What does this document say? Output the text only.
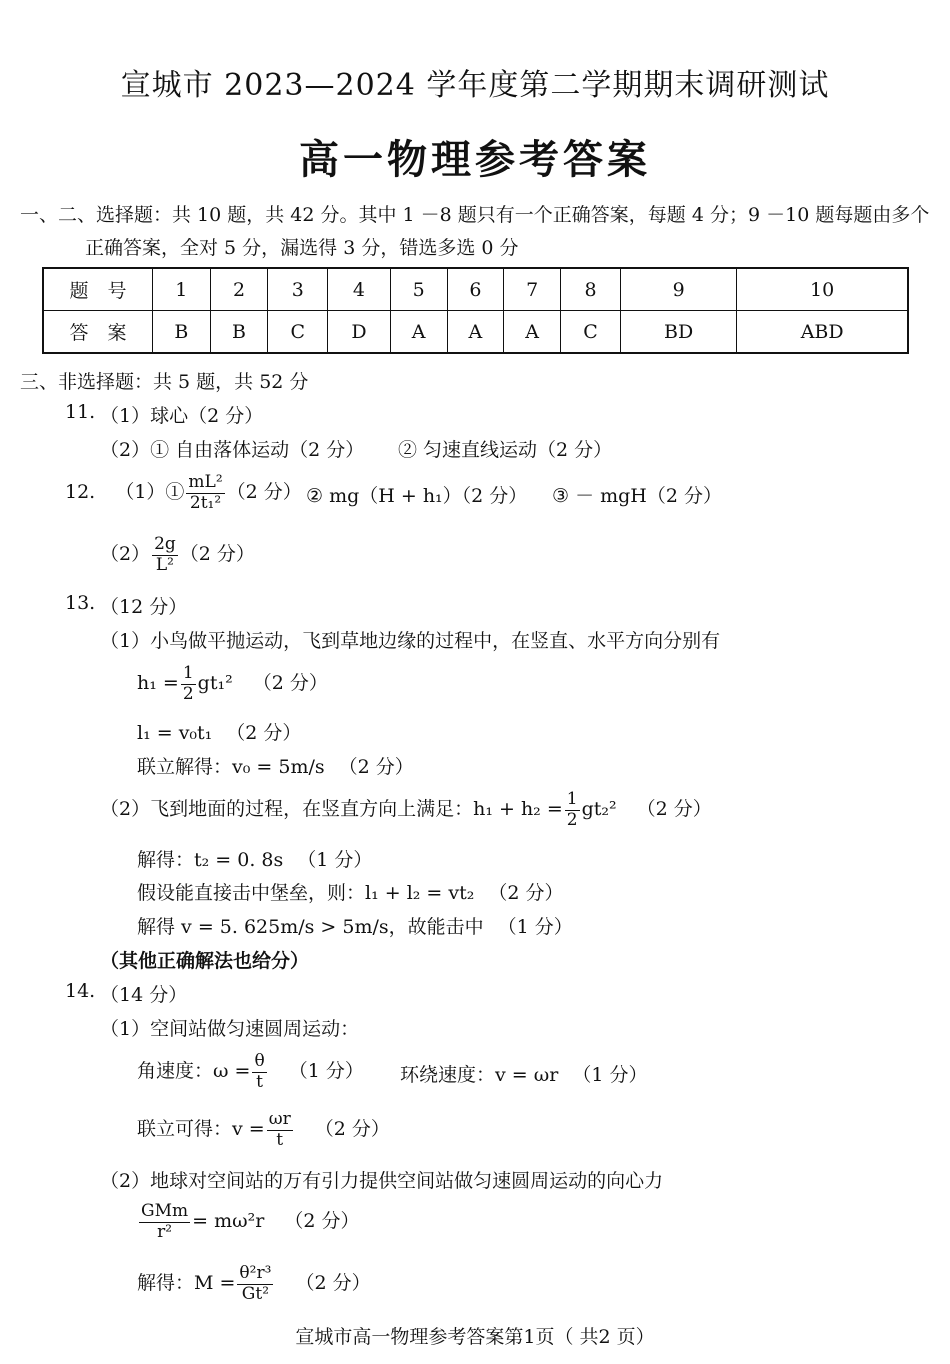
宣城市 2023—2024 学年度第二学期期末调研测试
高一物理参考答案
一、二、选择题：共 10 题，共 42 分。其中 1 －8 题只有一个正确答案，每题 4 分；9 －10 题每题由多个
正确答案，全对 5 分，漏选得 3 分，错选多选 0 分
题　号	1	2	3	4	5	6	7	8	9	10
答　案	B	B	C	D	A	A	A	C	BD	ABD
三、非选择题：共 5 题，共 52 分
11. （1）球心（2 分）
（2）① 自由落体运动（2 分） ② 匀速直线运动（2 分）
12. （1）① $\frac{\text{mL²}}{\text{2t₁²}} (2$ 分） ② mg（H + h₁）（2 分） ③ － mgH（2 分）
$(2) \frac{2g}{\text{L²}} (2$ 分）
13. （12 分）
（1）小鸟做平抛运动，飞到草地边缘的过程中，在竖直、水平方向分别有
$h_1 = \frac{1}{2} gt_1^2$ （2 分）
l₁ = v₀t₁ （2 分）
联立解得：v₀ = 5m/s （2 分）
（2）飞到地面的过程，在竖直方向上满足：$h_1 + h_2 = \frac{1}{2} gt_2^2$ （2 分）
解得：t₂ = 0. 8s （1 分）
假设能直接击中堡垒，则：l₁ + l₂ = vt₂ （2 分）
解得 v = 5. 625m/s > 5m/s，故能击中 （1 分）
（其他正确解法也给分）
14. （14 分）
（1）空间站做匀速圆周运动：
角速度：$\omega = \frac{\theta}{t} (1$ 分） 环绕速度：v = ωr （1 分）
联立可得：$v = \frac{\omega r}{t} (2$ 分）
（2）地球对空间站的万有引力提供空间站做匀速圆周运动的向心力
$\frac{\text{GMm}}{\text{r²}} = m\omega^2r$ （2 分）
解得：$M = \frac{\text{θ²r³}}{\text{Gt²}} (2$ 分）
宣城市高一物理参考答案第1页（ 共2 页）
